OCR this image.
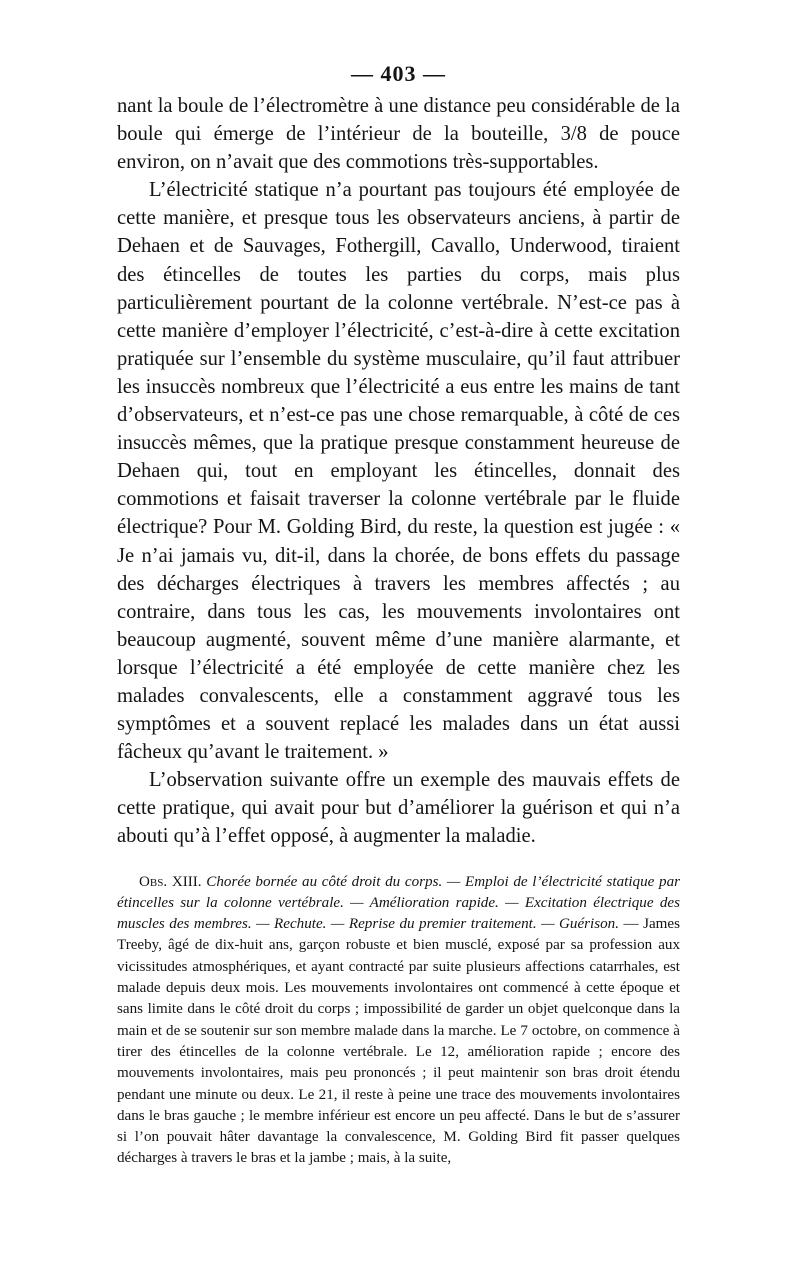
— 403 —

nant la boule de l’électromètre à une distance peu considérable de la boule qui émerge de l’intérieur de la bouteille, 3/8 de pouce environ, on n’avait que des commotions très-supportables.

L’électricité statique n’a pourtant pas toujours été employée de cette manière, et presque tous les observateurs anciens, à partir de Dehaen et de Sauvages, Fothergill, Cavallo, Underwood, tiraient des étincelles de toutes les parties du corps, mais plus particulièrement pourtant de la colonne vertébrale. N’est-ce pas à cette manière d’employer l’électricité, c’est-à-dire à cette excitation pratiquée sur l’ensemble du système musculaire, qu’il faut attribuer les insuccès nombreux que l’électricité a eus entre les mains de tant d’observateurs, et n’est-ce pas une chose remarquable, à côté de ces insuccès mêmes, que la pratique presque constamment heureuse de Dehaen qui, tout en employant les étincelles, donnait des commotions et faisait traverser la colonne vertébrale par le fluide électrique? Pour M. Golding Bird, du reste, la question est jugée : « Je n’ai jamais vu, dit-il, dans la chorée, de bons effets du passage des décharges électriques à travers les membres affectés ; au contraire, dans tous les cas, les mouvements involontaires ont beaucoup augmenté, souvent même d’une manière alarmante, et lorsque l’électricité a été employée de cette manière chez les malades convalescents, elle a constamment aggravé tous les symptômes et a souvent replacé les malades dans un état aussi fâcheux qu’avant le traitement. »

L’observation suivante offre un exemple des mauvais effets de cette pratique, qui avait pour but d’améliorer la guérison et qui n’a abouti qu’à l’effet opposé, à augmenter la maladie.

Obs. XIII. Chorée bornée au côté droit du corps. — Emploi de l’électricité statique par étincelles sur la colonne vertébrale. — Amélioration rapide. — Excitation électrique des muscles des membres. — Rechute. — Reprise du premier traitement. — Guérison. — James Treeby, âgé de dix-huit ans, garçon robuste et bien musclé, exposé par sa profession aux vicissitudes atmosphériques, et ayant contracté par suite plusieurs affections catarrhales, est malade depuis deux mois. Les mouvements involontaires ont commencé à cette époque et sans limite dans le côté droit du corps ; impossibilité de garder un objet quelconque dans la main et de se soutenir sur son membre malade dans la marche. Le 7 octobre, on commence à tirer des étincelles de la colonne vertébrale. Le 12, amélioration rapide ; encore des mouvements involontaires, mais peu prononcés ; il peut maintenir son bras droit étendu pendant une minute ou deux. Le 21, il reste à peine une trace des mouvements involontaires dans le bras gauche ; le membre inférieur est encore un peu affecté. Dans le but de s’assurer si l’on pouvait hâter davantage la convalescence, M. Golding Bird fit passer quelques décharges à travers le bras et la jambe ; mais, à la suite,
